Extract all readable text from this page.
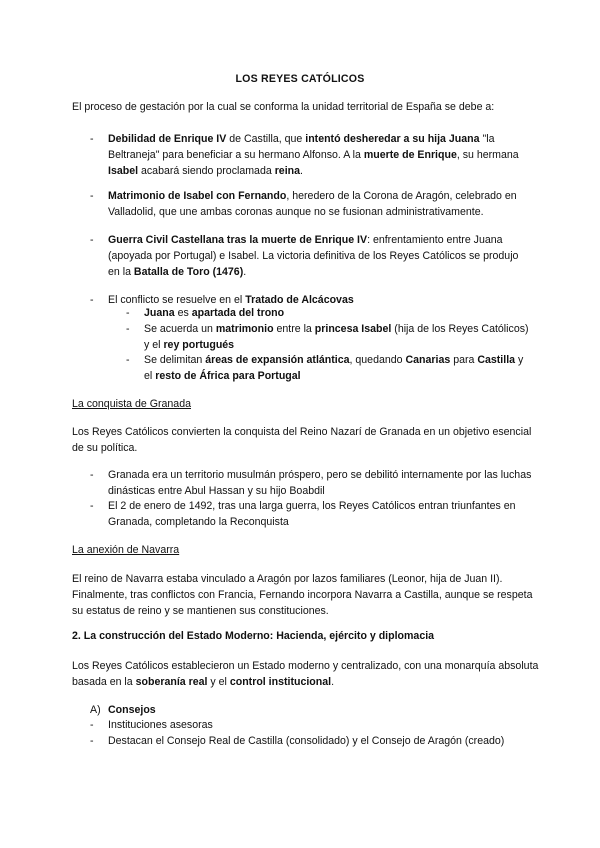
LOS REYES CATÓLICOS
El proceso de gestación por la cual se conforma la unidad territorial de España se debe a:
-	Debilidad de Enrique IV de Castilla, que intentó desheredar a su hija Juana "la Beltraneja" para beneficiar a su hermano Alfonso. A la muerte de Enrique, su hermana Isabel acabará siendo proclamada reina.
-	Matrimonio de Isabel con Fernando, heredero de la Corona de Aragón, celebrado en Valladolid, que une ambas coronas aunque no se fusionan administrativamente.
-	Guerra Civil Castellana tras la muerte de Enrique IV: enfrentamiento entre Juana (apoyada por Portugal) e Isabel. La victoria definitiva de los Reyes Católicos se produjo en la Batalla de Toro (1476).
-	El conflicto se resuelve en el Tratado de Alcácovas
- Juana es apartada del trono
- Se acuerda un matrimonio entre la princesa Isabel (hija de los Reyes Católicos) y el rey portugués
- Se delimitan áreas de expansión atlántica, quedando Canarias para Castilla y el resto de África para Portugal
La conquista de Granada
Los Reyes Católicos convierten la conquista del Reino Nazarí de Granada en un objetivo esencial de su política.
-	Granada era un territorio musulmán próspero, pero se debilitó internamente por las luchas dinásticas entre Abul Hassan y su hijo Boabdil
-	El 2 de enero de 1492, tras una larga guerra, los Reyes Católicos entran triunfantes en Granada, completando la Reconquista
La anexión de Navarra
El reino de Navarra estaba vinculado a Aragón por lazos familiares (Leonor, hija de Juan II). Finalmente, tras conflictos con Francia, Fernando incorpora Navarra a Castilla, aunque se respeta su estatus de reino y se mantienen sus constituciones.
2. La construcción del Estado Moderno: Hacienda, ejército y diplomacia
Los Reyes Católicos establecieron un Estado moderno y centralizado, con una monarquía absoluta basada en la soberanía real y el control institucional.
A) Consejos
-	Instituciones asesoras
-	Destacan el Consejo Real de Castilla (consolidado) y el Consejo de Aragón (creado)
